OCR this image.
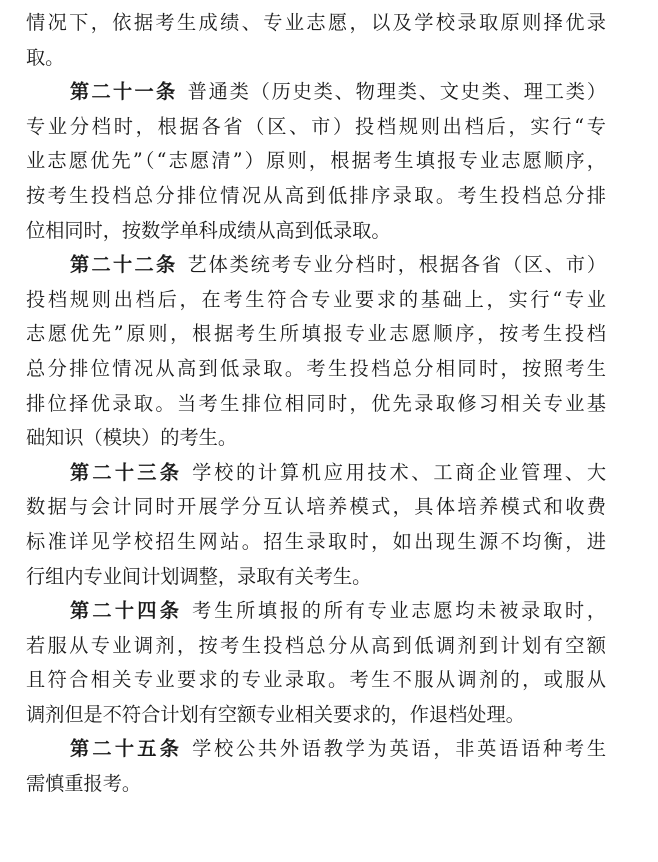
情况下，依据考生成绩、专业志愿，以及学校录取原则择优录
取。
第二十一条 普通类（历史类、物理类、文史类、理工类）
专业分档时，根据各省（区、市）投档规则出档后，实行“专
业志愿优先”（“志愿清”）原则，根据考生填报专业志愿顺序，
按考生投档总分排位情况从高到低排序录取。考生投档总分排
位相同时，按数学单科成绩从高到低录取。
第二十二条 艺体类统考专业分档时，根据各省（区、市）
投档规则出档后，在考生符合专业要求的基础上，实行“专业
志愿优先”原则，根据考生所填报专业志愿顺序，按考生投档
总分排位情况从高到低录取。考生投档总分相同时，按照考生
排位择优录取。当考生排位相同时，优先录取修习相关专业基
础知识（模块）的考生。
第二十三条 学校的计算机应用技术、工商企业管理、大
数据与会计同时开展学分互认培养模式，具体培养模式和收费
标准详见学校招生网站。招生录取时，如出现生源不均衡，进
行组内专业间计划调整，录取有关考生。
第二十四条 考生所填报的所有专业志愿均未被录取时，
若服从专业调剂，按考生投档总分从高到低调剂到计划有空额
且符合相关专业要求的专业录取。考生不服从调剂的，或服从
调剂但是不符合计划有空额专业相关要求的，作退档处理。
第二十五条 学校公共外语教学为英语，非英语语种考生
需慎重报考。
